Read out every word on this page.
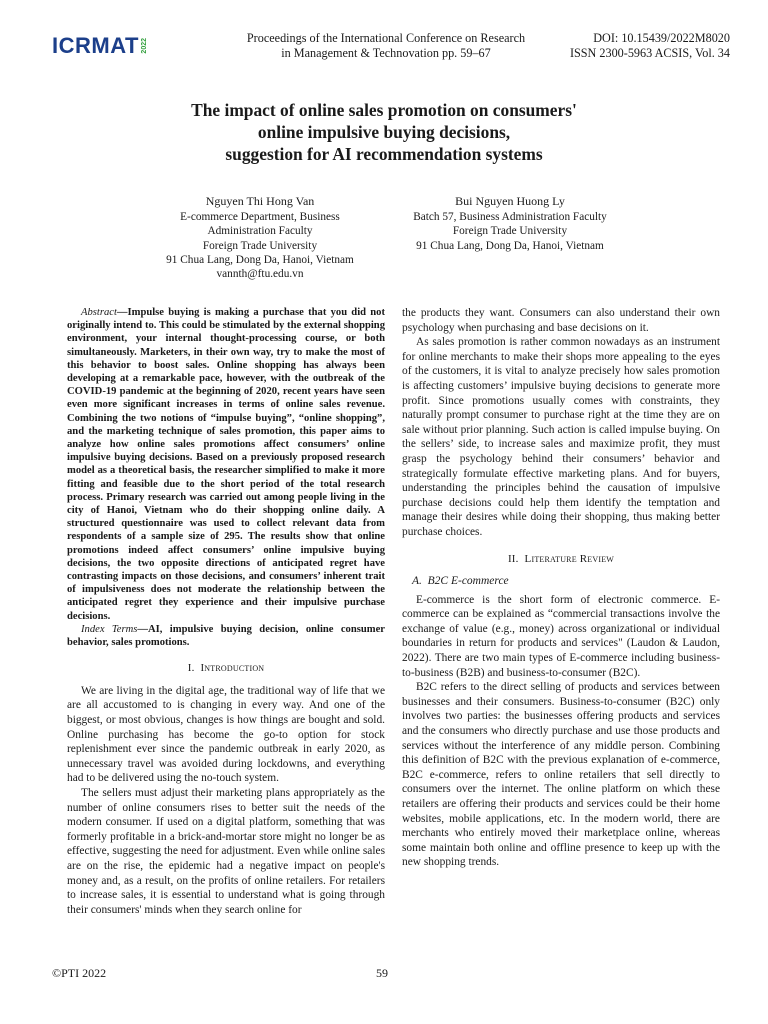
ICRMAT 2022
Proceedings of the International Conference on Research
in Management & Technovation pp. 59–67
DOI: 10.15439/2022M8020
ISSN 2300-5963 ACSIS, Vol. 34
The impact of online sales promotion on consumers'
online impulsive buying decisions,
suggestion for AI recommendation systems
Nguyen Thi Hong Van
E-commerce Department, Business
Administration Faculty
Foreign Trade University
91 Chua Lang, Dong Da, Hanoi, Vietnam
vannth@ftu.edu.vn
Bui Nguyen Huong Ly
Batch 57, Business Administration Faculty
Foreign Trade University
91 Chua Lang, Dong Da, Hanoi, Vietnam

Abstract—Impulse buying is making a purchase that you did not originally intend to. This could be stimulated by the external shopping environment, your internal thought-processing course, or both simultaneously. Marketers, in their own way, try to make the most of this behavior to boost sales. Online shopping has always been developing at a remarkable pace, however, with the outbreak of the COVID-19 pandemic at the beginning of 2020, recent years have seen even more significant increases in terms of online sales revenue. Combining the two notions of “impulse buying”, “online shopping”, and the marketing technique of sales promotion, this paper aims to analyze how online sales promotions affect consumers’ online impulsive buying decisions. Based on a previously proposed research model as a theoretical basis, the researcher simplified to make it more fitting and feasible due to the short period of the total research process. Primary research was carried out among people living in the city of Hanoi, Vietnam who do their shopping online daily. A structured questionnaire was used to collect relevant data from respondents of a sample size of 295. The results show that online promotions indeed affect consumers’ online impulsive buying decisions, the two opposite directions of anticipated regret have contrasting impacts on those decisions, and consumers’ inherent trait of impulsiveness does not moderate the relationship between the anticipated regret they experience and their impulsive purchase decisions.

Index Terms—AI, impulsive buying decision, online consumer behavior, sales promotions.

I. Introduction

We are living in the digital age, the traditional way of life that we are all accustomed to is changing in every way. And one of the biggest, or most obvious, changes is how things are bought and sold. Online purchasing has become the go-to option for stock replenishment ever since the pandemic outbreak in early 2020, as unnecessary travel was avoided during lockdowns, and everything had to be delivered using the no-touch system.

The sellers must adjust their marketing plans appropriately as the number of online consumers rises to better suit the needs of the modern consumer. If used on a digital platform, something that was formerly profitable in a brick-and-mortar store might no longer be as effective, suggesting the need for adjustment. Even while online sales are on the rise, the epidemic had a negative impact on people's money and, as a result, on the profits of online retailers. For retailers to increase sales, it is essential to understand what is going through their consumers' minds when they search online for

the products they want. Consumers can also understand their own psychology when purchasing and base decisions on it.

As sales promotion is rather common nowadays as an instrument for online merchants to make their shops more appealing to the eyes of the customers, it is vital to analyze precisely how sales promotion is affecting customers’ impulsive buying decisions to generate more profit. Since promotions usually comes with constraints, they naturally prompt consumer to purchase right at the time they are on sale without prior planning. Such action is called impulse buying. On the sellers’ side, to increase sales and maximize profit, they must grasp the psychology behind their consumers’ behavior and strategically formulate effective marketing plans. And for buyers, understanding the principles behind the causation of impulsive purchase decisions could help them identify the temptation and manage their desires while doing their shopping, thus making better purchase choices.

II. Literature Review
A. B2C E-commerce

E-commerce is the short form of electronic commerce. E-commerce can be explained as “commercial transactions involve the exchange of value (e.g., money) across organizational or individual boundaries in return for products and services" (Laudon & Laudon, 2022). There are two main types of E-commerce including business-to-business (B2B) and business-to-consumer (B2C).

B2C refers to the direct selling of products and services between businesses and their consumers. Business-to-consumer (B2C) only involves two parties: the businesses offering products and services and the consumers who directly purchase and use those products and services without the interference of any middle person. Combining this definition of B2C with the previous explanation of e-commerce, B2C e-commerce, refers to online retailers that sell directly to consumers over the internet. The online platform on which these retailers are offering their products and services could be their home websites, mobile applications, etc. In the modern world, there are merchants who entirely moved their marketplace online, whereas some maintain both online and offline presence to keep up with the new shopping trends.

©PTI 2022	59
